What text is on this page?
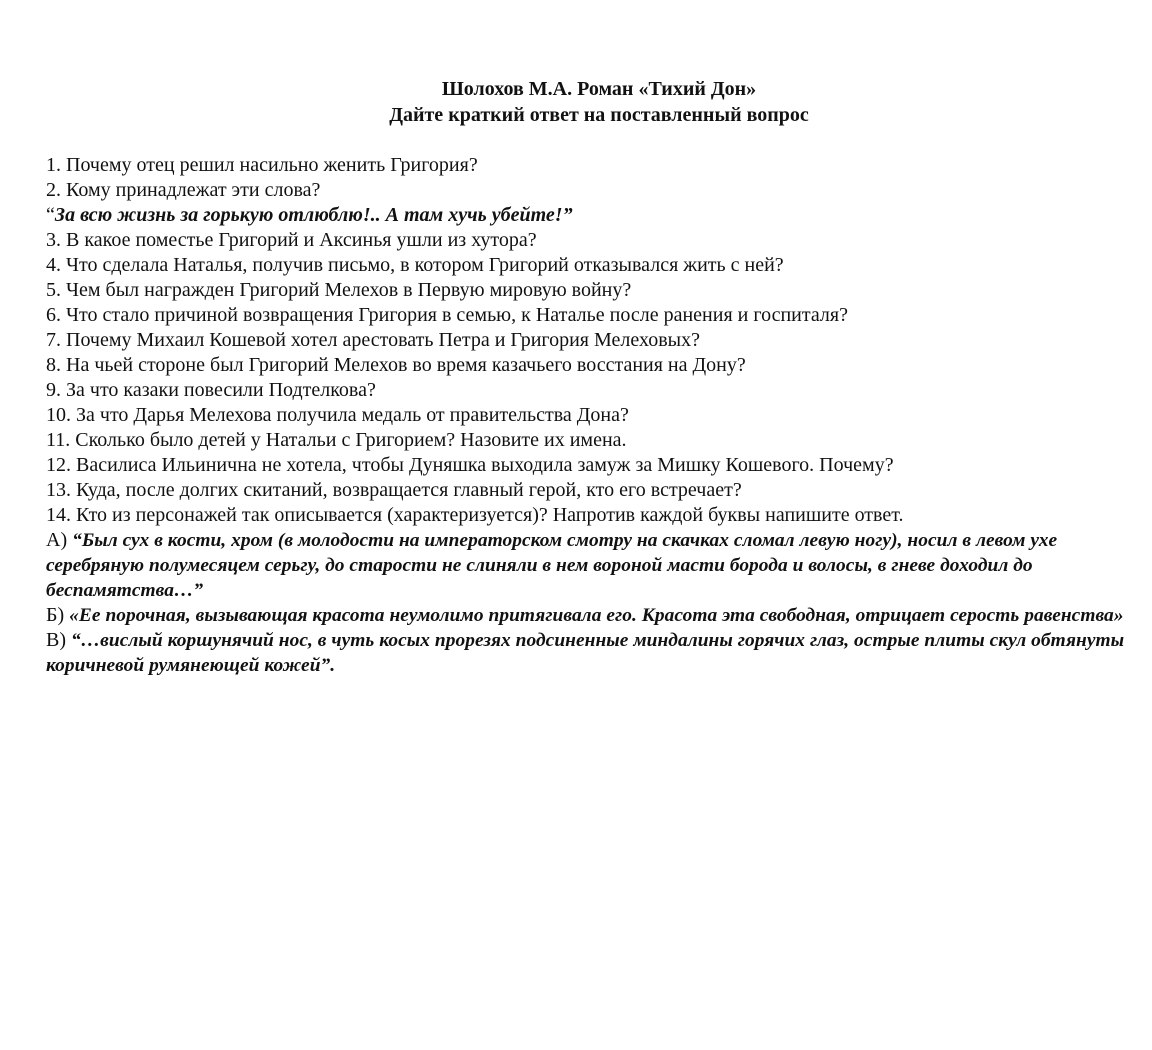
Шолохов М.А. Роман «Тихий Дон»
Дайте краткий ответ на поставленный вопрос
1. Почему отец решил насильно женить Григория?
2. Кому принадлежат эти слова?
“За всю жизнь за горькую отлюблю!.. А там хучь убейте!”
3. В какое поместье Григорий и Аксинья ушли из хутора?
4. Что сделала Наталья, получив письмо, в котором Григорий отказывался жить с ней?
5. Чем был награжден Григорий Мелехов в Первую мировую войну?
6. Что стало причиной возвращения Григория в семью, к Наталье после ранения и госпиталя?
7. Почему Михаил Кошевой хотел арестовать Петра и Григория Мелеховых?
8. На чьей стороне был Григорий Мелехов во время казачьего восстания на Дону?
9. За что казаки повесили Подтелкова?
10. За что Дарья Мелехова получила медаль от правительства Дона?
11. Сколько было детей у Натальи с Григорием? Назовите их имена.
12. Василиса Ильинична не хотела, чтобы Дуняшка выходила замуж за Мишку Кошевого. Почему?
13. Куда, после долгих скитаний, возвращается главный герой, кто его встречает?
14. Кто из персонажей так описывается (характеризуется)? Напротив каждой буквы напишите ответ.
А) “Был сух в кости, хром (в молодости на императорском смотру на скачках сломал левую ногу), носил в левом ухе серебряную полумесяцем серьгу, до старости не слиняли в нем вороной масти борода и волосы, в гневе доходил до беспамятства…”
Б) «Ее порочная, вызывающая красота неумолимо притягивала его. Красота эта свободная, отрицает серость равенства»
В) “…вислый коршунячий нос, в чуть косых прорезях подсиненные миндалины горячих глаз, острые плиты скул обтянуты коричневой румянеющей кожей”.
